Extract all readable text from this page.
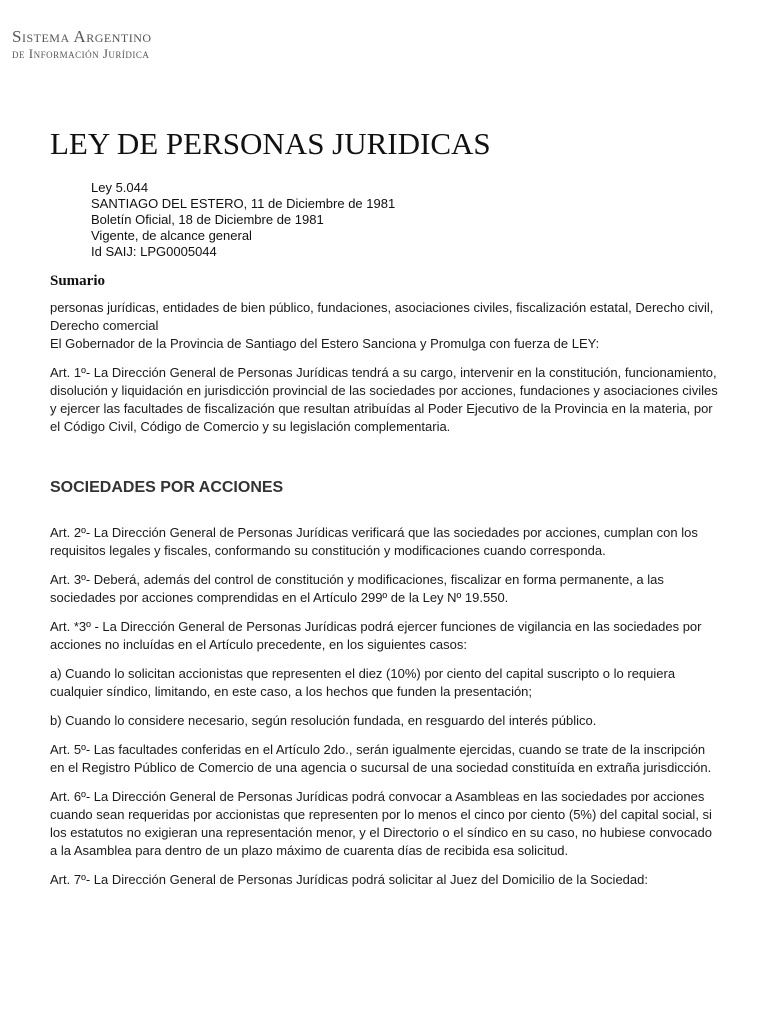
Sistema Argentino
de Información Jurídica
LEY DE PERSONAS JURIDICAS
Ley 5.044
SANTIAGO DEL ESTERO, 11 de Diciembre de 1981
Boletín Oficial, 18 de Diciembre de 1981
Vigente, de alcance general
Id SAIJ: LPG0005044
Sumario

personas jurídicas, entidades de bien público, fundaciones, asociaciones civiles, fiscalización estatal, Derecho civil, Derecho comercial

El Gobernador de la Provincia de Santiago del Estero Sanciona y Promulga con fuerza de LEY:

Art. 1º- La Dirección General de Personas Jurídicas tendrá a su cargo, intervenir en la constitución, funcionamiento, disolución y liquidación en jurisdicción provincial de las sociedades por acciones, fundaciones y asociaciones civiles y ejercer las facultades de fiscalización que resultan atribuídas al Poder Ejecutivo de la Provincia en la materia, por el Código Civil, Código de Comercio y su legislación complementaria.

SOCIEDADES POR ACCIONES

Art. 2º- La Dirección General de Personas Jurídicas verificará que las sociedades por acciones, cumplan con los requisitos legales y fiscales, conformando su constitución y modificaciones cuando corresponda.

Art. 3º- Deberá, además del control de constitución y modificaciones, fiscalizar en forma permanente, a las sociedades por acciones comprendidas en el Artículo 299º de la Ley Nº 19.550.

Art. *3º - La Dirección General de Personas Jurídicas podrá ejercer funciones de vigilancia en las sociedades por acciones no incluídas en el Artículo precedente, en los siguientes casos:

a) Cuando lo solicitan accionistas que representen el diez (10%) por ciento del capital suscripto o lo requiera cualquier síndico, limitando, en este caso, a los hechos que funden la presentación;

b) Cuando lo considere necesario, según resolución fundada, en resguardo del interés público.

Art. 5º- Las facultades conferidas en el Artículo 2do., serán igualmente ejercidas, cuando se trate de la inscripción en el Registro Público de Comercio de una agencia o sucursal de una sociedad constituída en extraña jurisdicción.

Art. 6º- La Dirección General de Personas Jurídicas podrá convocar a Asambleas en las sociedades por acciones cuando sean requeridas por accionistas que representen por lo menos el cinco por ciento (5%) del capital social, si los estatutos no exigieran una representación menor, y el Directorio o el síndico en su caso, no hubiese convocado a la Asamblea para dentro de un plazo máximo de cuarenta días de recibida esa solicitud.

Art. 7º- La Dirección General de Personas Jurídicas podrá solicitar al Juez del Domicilio de la Sociedad:
